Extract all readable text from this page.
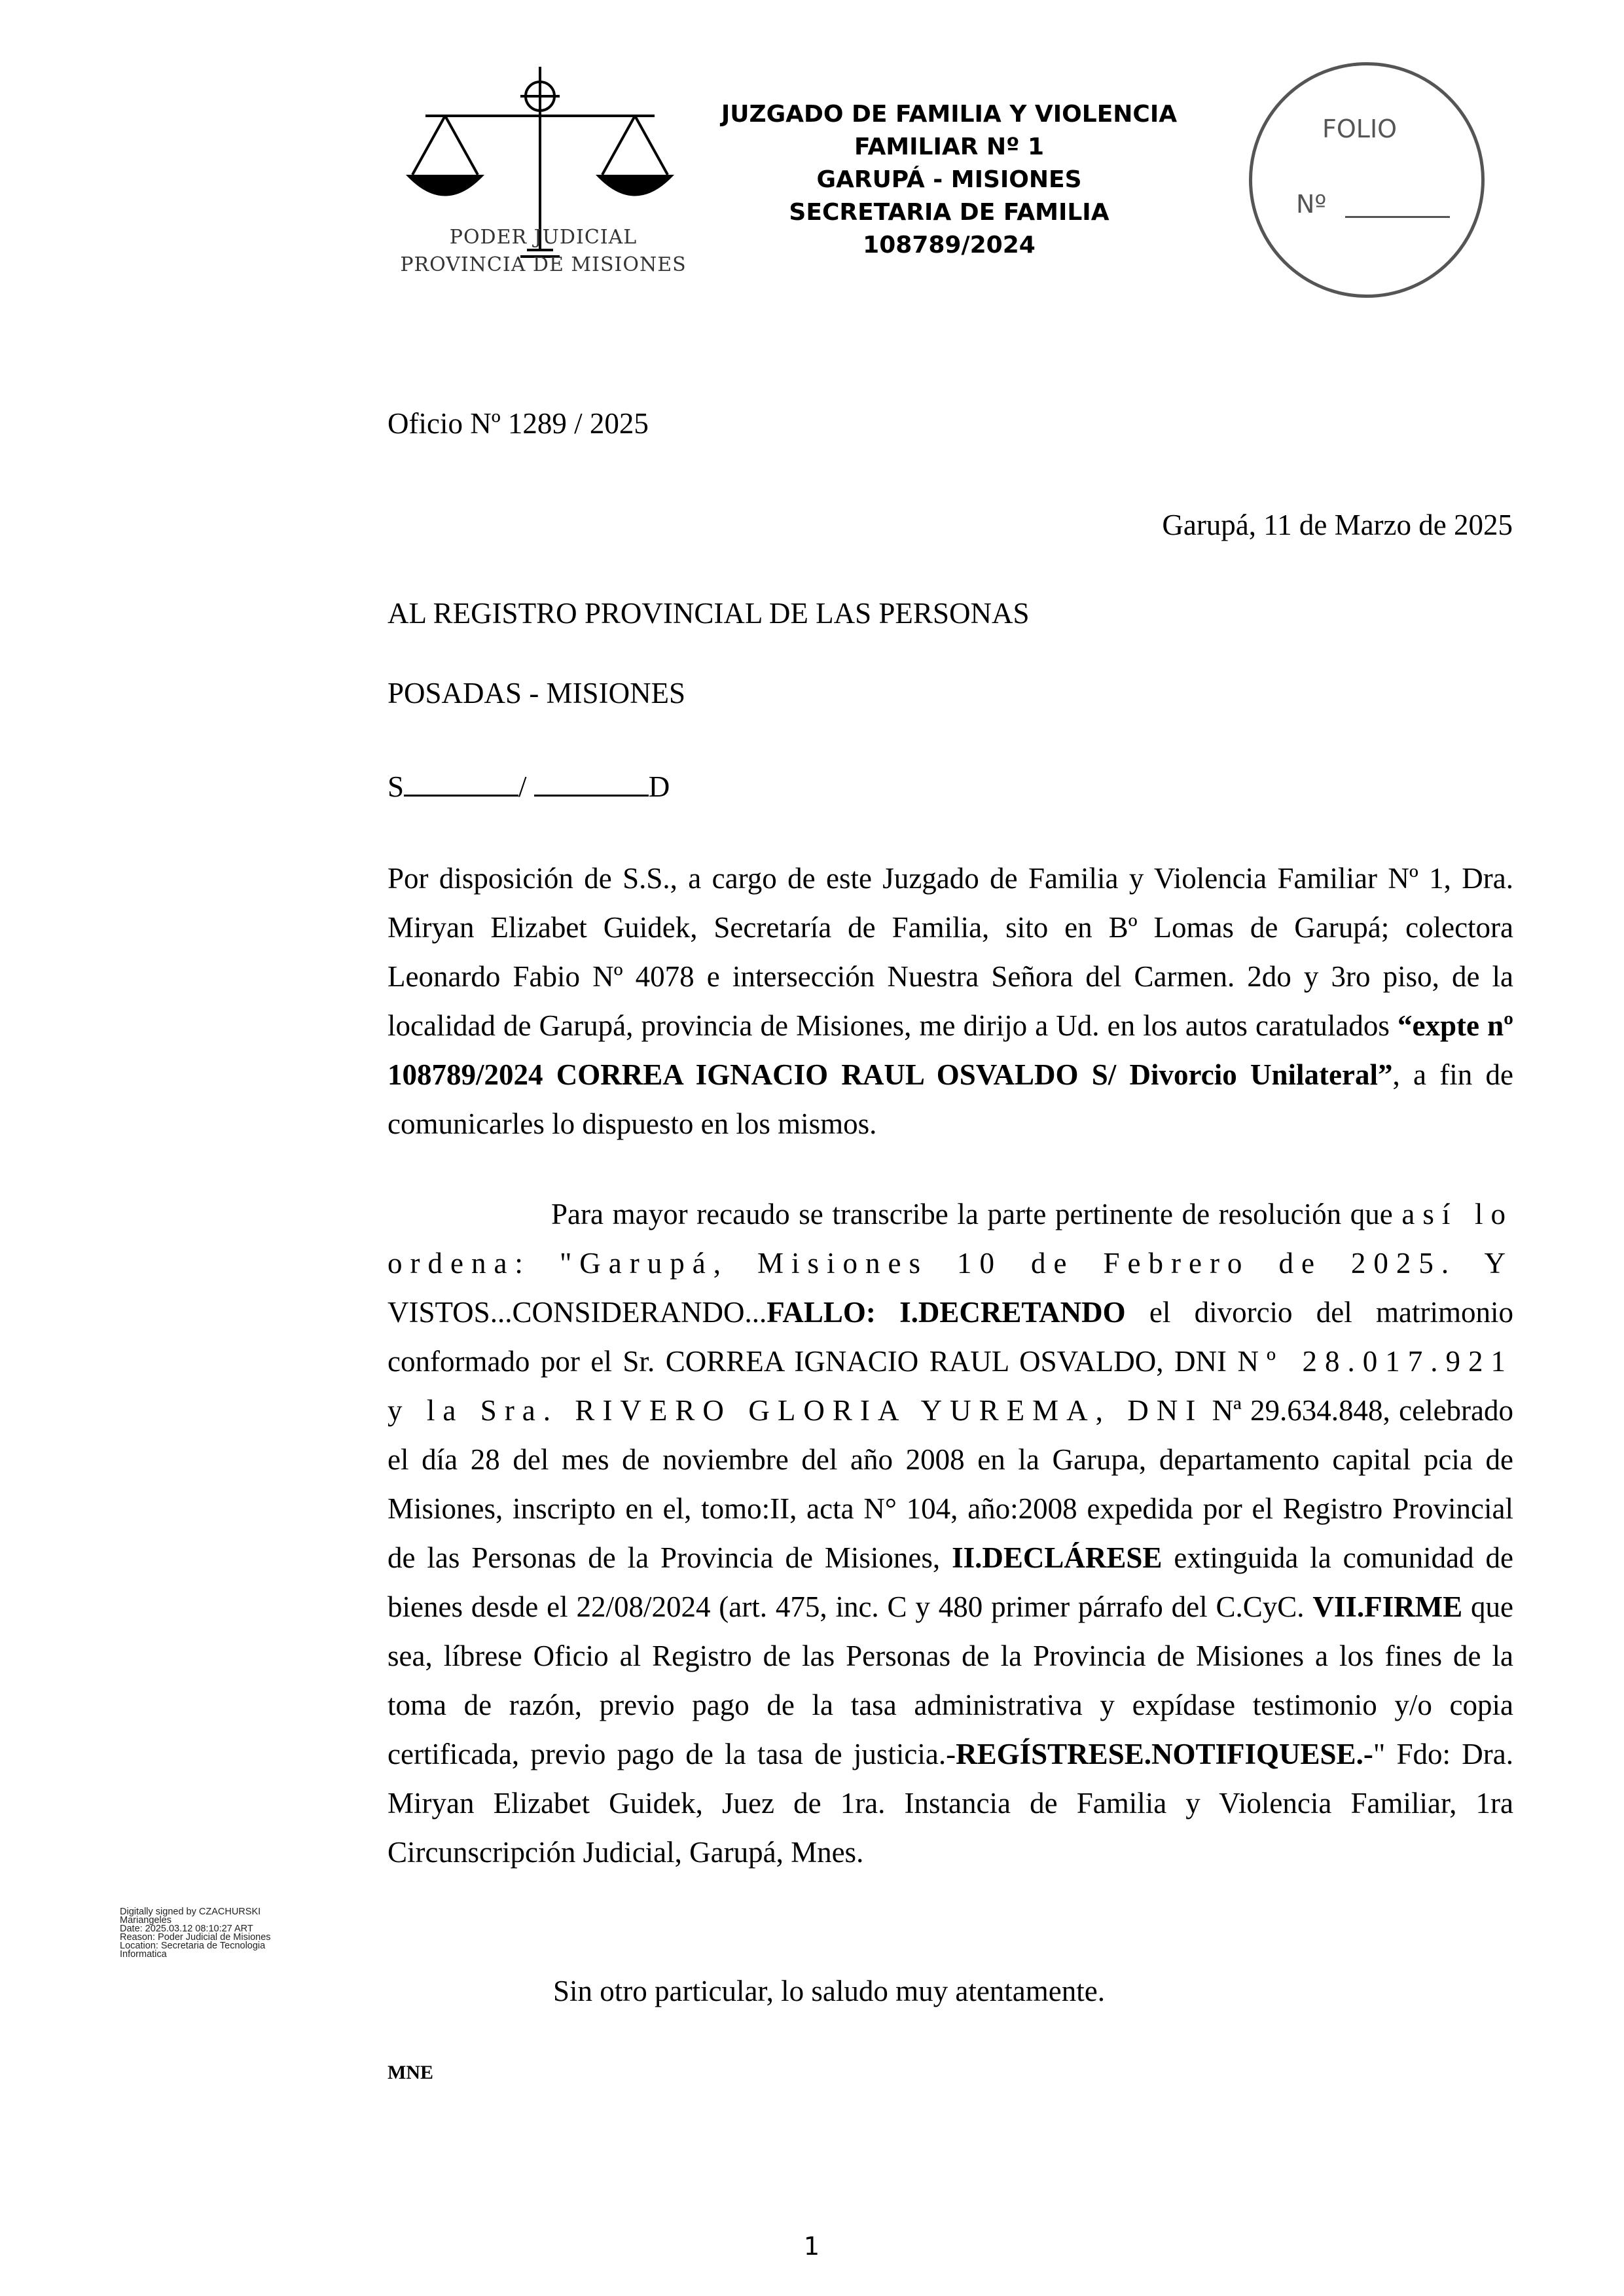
PODER JUDICIAL
PROVINCIA DE MISIONES
JUZGADO DE FAMILIA Y VIOLENCIA
FAMILIAR Nº 1
GARUPÁ - MISIONES
SECRETARIA DE FAMILIA
108789/2024
FOLIO
Nº
Oficio Nº 1289 / 2025
Garupá, 11 de Marzo de 2025
AL REGISTRO PROVINCIAL DE LAS PERSONAS
POSADAS - MISIONES
S	/	D
Por disposición de S.S., a cargo de este Juzgado de Familia y Violencia Familiar Nº 1, Dra. Miryan Elizabet Guidek, Secretaría de Familia, sito en Bº Lomas de Garupá; colectora Leonardo Fabio Nº 4078 e intersección Nuestra Señora del Carmen. 2do y 3ro piso, de la localidad de Garupá, provincia de Misiones, me dirijo a Ud. en los autos caratulados “expte nº 108789/2024 CORREA IGNACIO RAUL OSVALDO S/ Divorcio Unilateral”, a fin de comunicarles lo dispuesto en los mismos.
Para mayor recaudo se transcribe la parte pertinente de resolución que así lo ordena: "Garupá, Misiones 10 de Febrero de 2025. Y VISTOS...CONSIDERANDO...FALLO: I.DECRETANDO el divorcio del matrimonio conformado por el Sr. CORREA IGNACIO RAUL OSVALDO, DNI Nº 28.017.921 y la Sra. RIVERO GLORIA YUREMA, DNI Nª 29.634.848, celebrado el día 28 del mes de noviembre del año 2008 en la Garupa, departamento capital pcia de Misiones, inscripto en el, tomo:II, acta N° 104, año:2008 expedida por el Registro Provincial de las Personas de la Provincia de Misiones, II.DECLÁRESE extinguida la comunidad de bienes desde el 22/08/2024 (art. 475, inc. C y 480 primer párrafo del C.CyC. VII.FIRME que sea, líbrese Oficio al Registro de las Personas de la Provincia de Misiones a los fines de la toma de razón, previo pago de la tasa administrativa y expídase testimonio y/o copia certificada, previo pago de la tasa de justicia.-REGÍSTRESE.NOTIFIQUESE.-" Fdo: Dra. Miryan Elizabet Guidek, Juez de 1ra. Instancia de Familia y Violencia Familiar, 1ra Circunscripción Judicial, Garupá, Mnes.
Sin otro particular, lo saludo muy atentamente.
MNE
Digitally signed by CZACHURSKI
Mariangeles
Date: 2025.03.12 08:10:27 ART
Reason: Poder Judicial de Misiones
Location: Secretaria de Tecnologia
Informatica
1
